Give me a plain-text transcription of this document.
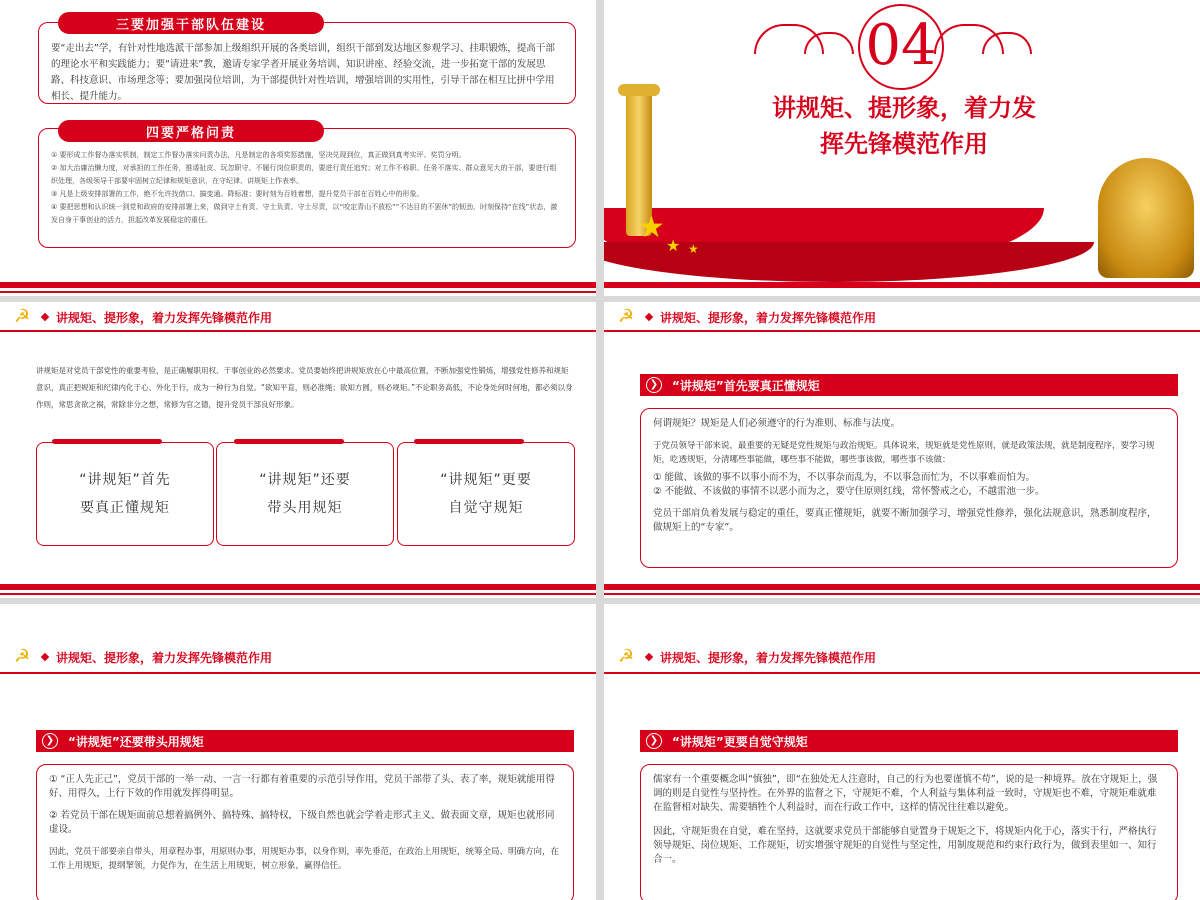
要“走出去”学，有针对性地选派干部参加上级组织开展的各类培训，组织干部到发达地区参观学习、挂职锻炼，提高干部的理论水平和实践能力；要“请进来”教，邀请专家学者开展业务培训、知识讲座、经验交流，进一步拓宽干部的发展思路、科技意识、市场理念等；要加强岗位培训，为干部提供针对性培训，增强培训的实用性，引导干部在相互比拼中学用相长、提升能力。
三要加强干部队伍建设

① 要形成工作督办落实机制，制定工作督办落实问责办法，凡是制定的各项奖惩措施，坚决兑现到位，真正做到真考实评、奖罚分明。

② 加大治庸治懒力度，对承担的工作任务，推诿扯皮、玩忽职守、不履行岗位职责的，要进行责任追究；对工作不称职、任务不落实、群众意见大的干部，要进行组织处理，各级领导干部要牢固树立纪律和规矩意识，在守纪律、讲规矩上作表率。

③ 凡是上级安排部署的工作，绝不允许找借口、搞变通、降标准；要时刻为百姓着想，提升党员干部在百姓心中的形象。

④ 要把思想和认识统一到党和政府的安排部署上来，做到守土有责、守土负责、守土尽责，以“咬定青山不放松”“不达目的不罢休”的韧劲，时刻保持“在线”状态，激发自身干事创业的活力，担起改革发展稳定的重任。

四要严格问责
04
讲规矩、提形象，着力发
挥先锋模范作用
★
★ ★
☭	讲规矩、提形象，着力发挥先锋模范作用
讲规矩是对党员干部党性的重要考验，是正确履职用权、干事创业的必然要求。党员要始终把讲规矩放在心中最高位置，不断加强党性锻炼，增强党性修养和规矩意识，真正把规矩和纪律内化于心、外化于行，成为一种行为自觉。“欲知平直，则必准绳；欲知方圆，则必规矩。”不论职务高低，不论身处何时何地，都必须以身作则，常思贪欲之祸，常除非分之想，常修为官之德，提升党员干部良好形象。
“讲规矩”首先
要真正懂规矩
“讲规矩”还要
带头用规矩
“讲规矩”更要
自觉守规矩
☭	讲规矩、提形象，着力发挥先锋模范作用
❯	“讲规矩”首先要真正懂规矩
何谓规矩？规矩是人们必须遵守的行为准则、标准与法度。
于党员领导干部来说，最重要的无疑是党性规矩与政治规矩。具体说来，规矩就是党性原则，就是政策法规，就是制度程序，要学习规矩，吃透规矩，分清哪些事能做，哪些事不能做，哪些事该做，哪些事不该做：
① 能做、该做的事不以事小而不为，不以事杂而乱为，不以事急而忙为，不以事难而怕为。
② 不能做、不该做的事情不以恶小而为之，要守住原则红线，常怀警戒之心，不越雷池一步。
党员干部肩负着发展与稳定的重任，要真正懂规矩，就要不断加强学习，增强党性修养，强化法规意识，熟悉制度程序，做规矩上的“专家”。
☭	讲规矩、提形象，着力发挥先锋模范作用
❯	“讲规矩”还要带头用规矩
① “正人先正己”，党员干部的一举一动、一言一行都有着重要的示范引导作用，党员干部带了头、表了率，规矩就能用得好、用得久，上行下效的作用就发挥得明显。
② 若党员干部在规矩面前总想着搞例外、搞特殊、搞特权，下级自然也就会学着走形式主义、做表面文章，规矩也就形同虚设。
因此，党员干部要亲自带头，用章程办事，用原则办事，用规矩办事，以身作则，率先垂范，在政治上用规矩，统筹全局、明确方向，在工作上用规矩，提纲挈领，力促作为，在生活上用规矩，树立形象，赢得信任。
☭	讲规矩、提形象，着力发挥先锋模范作用
❯	“讲规矩”更要自觉守规矩
儒家有一个重要概念叫“慎独”，即“在独处无人注意时，自己的行为也要谨慎不苟”，说的是一种境界。放在守规矩上，强调的则是自觉性与坚持性。在外界的监督之下，守规矩不难，个人利益与集体利益一致时，守规矩也不难，守规矩难就难在监督相对缺失、需要牺牲个人利益时，而在行政工作中，这样的情况往往难以避免。
因此，守规矩贵在自觉，难在坚持，这就要求党员干部能够自觉置身于规矩之下，将规矩内化于心，落实于行，严格执行领导规矩、岗位规矩、工作规矩，切实增强守规矩的自觉性与坚定性，用制度规范和约束行政行为，做到表里如一、知行合一。
